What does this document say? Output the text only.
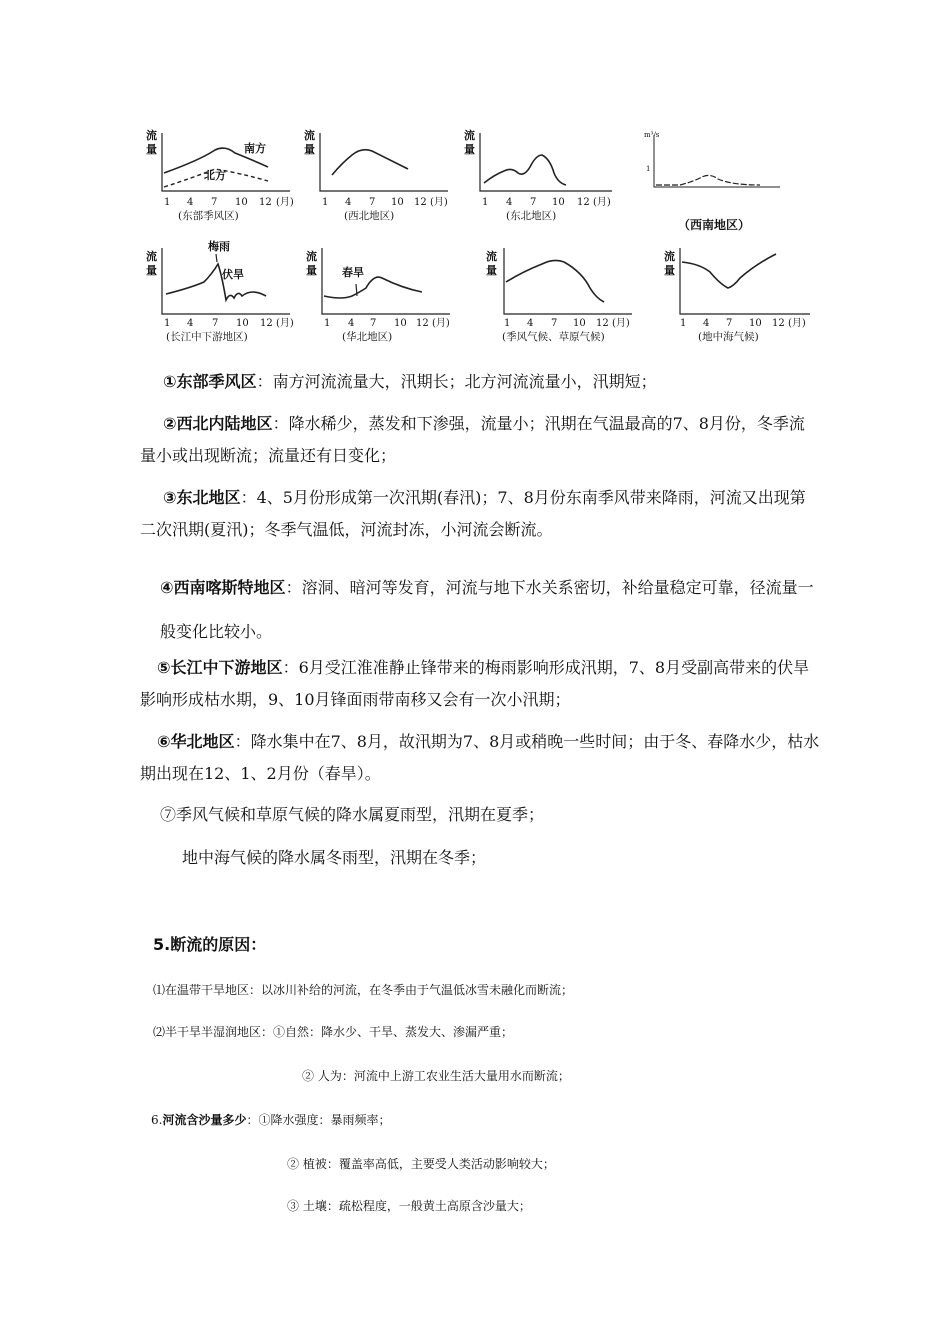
流
量	南方
北方
1 4 7 10 12 (月)
(东部季风区)
流
量
1 4 7 10 12 (月)
(西北地区)
流
量
1 4 7 10 12 (月)
(东北地区)
m³/s
1
（西南地区）
流
量
梅雨
伏旱
1 4 7 10 12 (月)
(长江中下游地区)
流
量 春旱
1 4 7 10 12 (月)
(华北地区)
流
量
1 4 7 10 12 (月)
(季风气候、草原气候)
流
量
1 4 7 10 12 (月)
(地中海气候)

①东部季风区：南方河流流量大，汛期长；北方河流流量小，汛期短；

②西北内陆地区：降水稀少，蒸发和下渗强，流量小；汛期在气温最高的7、8月份，冬季流量小或出现断流；流量还有日变化；

③东北地区：4、5月份形成第一次汛期(春汛)；7、8月份东南季风带来降雨，河流又出现第二次汛期(夏汛)；冬季气温低，河流封冻，小河流会断流。

④西南喀斯特地区：溶洞、暗河等发育，河流与地下水关系密切，补给量稳定可靠，径流量一般变化比较小。

⑤长江中下游地区：6月受江淮准静止锋带来的梅雨影响形成汛期，7、8月受副高带来的伏旱影响形成枯水期，9、10月锋面雨带南移又会有一次小汛期；

⑥华北地区：降水集中在7、8月，故汛期为7、8月或稍晚一些时间；由于冬、春降水少，枯水期出现在12、1、2月份（春旱）。

⑦季风气候和草原气候的降水属夏雨型，汛期在夏季；

地中海气候的降水属冬雨型，汛期在冬季；

5.断流的原因：

⑴在温带干旱地区：以冰川补给的河流，在冬季由于气温低冰雪未融化而断流；

⑵半干旱半湿润地区：①自然：降水少、干旱、蒸发大、渗漏严重；

② 人为：河流中上游工农业生活大量用水而断流；

6.河流含沙量多少：①降水强度：暴雨频率；

② 植被：覆盖率高低，主要受人类活动影响较大；

③ 土壤：疏松程度，一般黄土高原含沙量大；
